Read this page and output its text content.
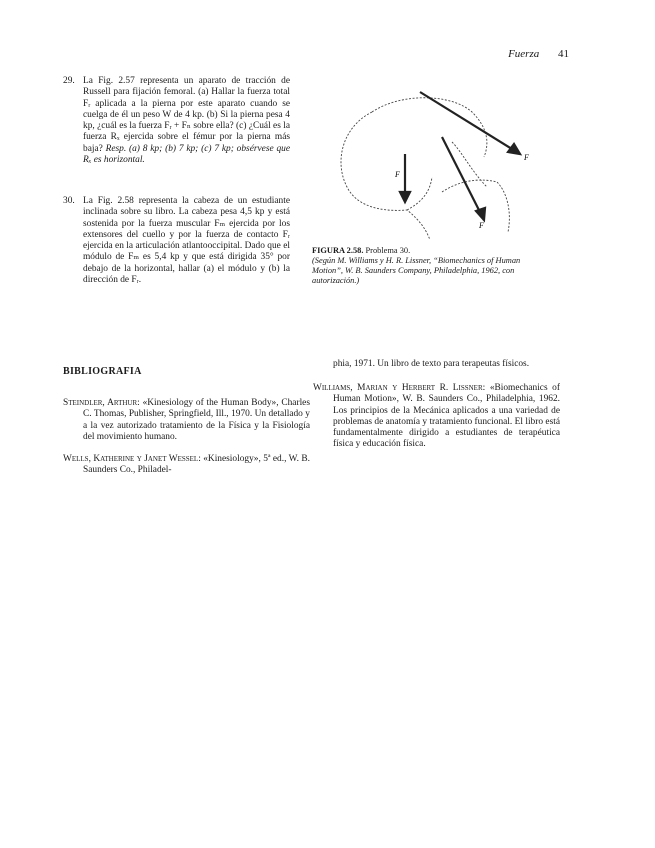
Fuerza 41
29. La Fig. 2.57 representa un aparato de tracción de Russell para fijación femoral. (a) Hallar la fuerza total Fᵣ aplicada a la pierna por este aparato cuando se cuelga de él un peso W de 4 kp. (b) Si la pierna pesa 4 kp, ¿cuál es la fuerza Fᵣ + Fₙ sobre ella? (c) ¿Cuál es la fuerza Rₓ ejercida sobre el fémur por la pierna más baja? Resp. (a) 8 kp; (b) 7 kp; (c) 7 kp; obsérvese que Rₓ es horizontal.
30. La Fig. 2.58 representa la cabeza de un estudiante inclinada sobre su libro. La cabeza pesa 4,5 kp y está sostenida por la fuerza muscular Fₘ ejercida por los extensores del cuello y por la fuerza de contacto Fᵣ ejercida en la articulación atlantooccipital. Dado que el módulo de Fₘ es 5,4 kp y que está dirigida 35° por debajo de la horizontal, hallar (a) el módulo y (b) la dirección de Fᵣ.
F
F
F
FIGURA 2.58. Problema 30.
(Según M. Williams y H. R. Lissner, “Biomechanics of Human Motion”, W. B. Saunders Company, Philadelphia, 1962, con autorización.)
BIBLIOGRAFIA
Steindler, Arthur: «Kinesiology of the Human Body», Charles C. Thomas, Publisher, Springfield, Ill., 1970. Un detallado y a la vez autorizado tratamiento de la Física y la Fisiología del movimiento humano.
Wells, Katherine y Janet Wessel: «Kinesiology», 5ª ed., W. B. Saunders Co., Philadel-
phia, 1971. Un libro de texto para terapeutas físicos.
Williams, Marian y Herbert R. Lissner: «Biomechanics of Human Motion», W. B. Saunders Co., Philadelphia, 1962. Los principios de la Mecánica aplicados a una variedad de problemas de anatomía y tratamiento funcional. El libro está fundamentalmente dirigido a estudiantes de terapéutica física y educación física.
